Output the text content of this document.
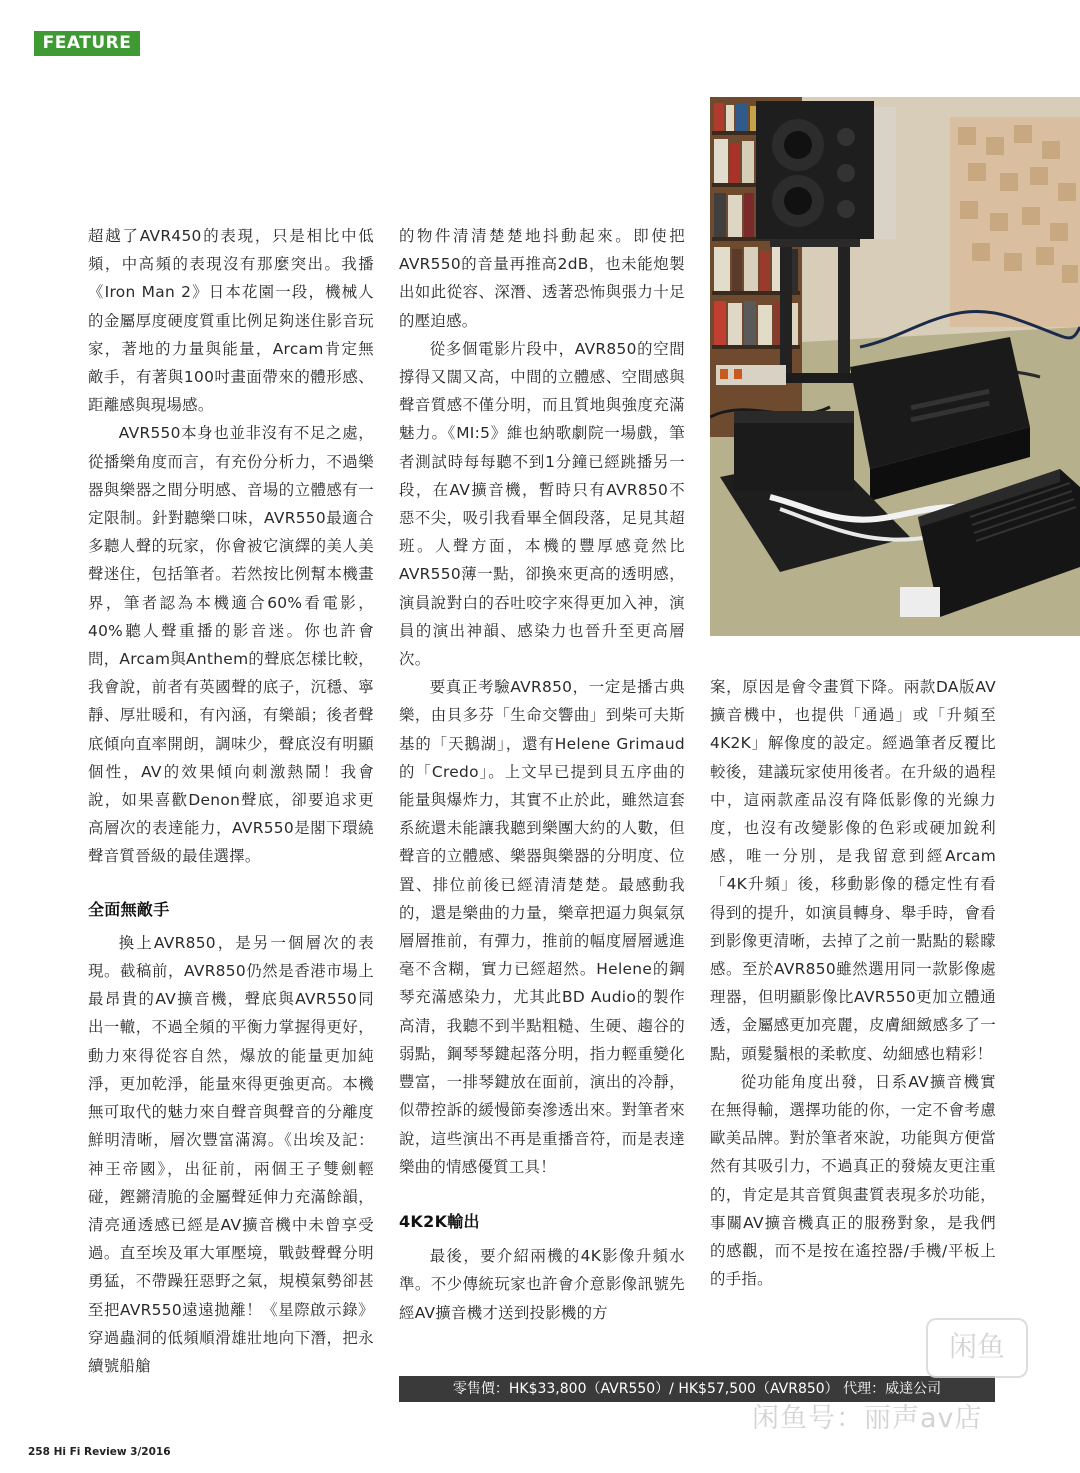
FEATURE

超越了AVR450的表現，只是相比中低頻，中高頻的表現沒有那麼突出。我播《Iron Man 2》日本花園一段，機械人的金屬厚度硬度質重比例足夠迷住影音玩家，著地的力量與能量，Arcam肯定無敵手，有著與100吋畫面帶來的體形感、距離感與現場感。

AVR550本身也並非沒有不足之處，從播樂角度而言，有充份分析力，不過樂器與樂器之間分明感、音場的立體感有一定限制。針對聽樂口味，AVR550最適合多聽人聲的玩家，你會被它演繹的美人美聲迷住，包括筆者。若然按比例幫本機畫界，筆者認為本機適合60%看電影，40%聽人聲重播的影音迷。你也許會問，Arcam與Anthem的聲底怎樣比較，我會說，前者有英國聲的底子，沉穩、寧靜、厚壯暖和，有內涵，有樂韻；後者聲底傾向直率開朗，調味少，聲底沒有明顯個性，AV的效果傾向刺激熱鬧！我會說，如果喜歡Denon聲底，卻要追求更高層次的表達能力，AVR550是閣下環繞聲音質晉級的最佳選擇。

全面無敵手

換上AVR850，是另一個層次的表現。截稿前，AVR850仍然是香港市場上最昂貴的AV擴音機，聲底與AVR550同出一轍，不過全頻的平衡力掌握得更好，動力來得從容自然，爆放的能量更加純淨，更加乾淨，能量來得更強更高。本機無可取代的魅力來自聲音與聲音的分離度鮮明清晰，層次豐富滿瀉。《出埃及記：神王帝國》，出征前，兩個王子雙劍輕碰，鏗鏘清脆的金屬聲延伸力充滿餘韻，清亮通透感已經是AV擴音機中未曾享受過。直至埃及軍大軍壓境，戰鼓聲聲分明勇猛，不帶躁狂惡野之氣，規模氣勢卻甚至把AVR550遠遠拋離！《星際啟示錄》穿過蟲洞的低頻順滑雄壯地向下潛，把永續號船艙

的物件清清楚楚地抖動起來。即使把AVR550的音量再推高2dB，也未能炮製出如此從容、深潛、透著恐怖與張力十足的壓迫感。

從多個電影片段中，AVR850的空間撐得又闊又高，中間的立體感、空間感與聲音質感不僅分明，而且質地與強度充滿魅力。《MI:5》維也納歌劇院一場戲，筆者測試時每每聽不到1分鐘已經跳播另一段，在AV擴音機，暫時只有AVR850不惡不尖，吸引我看畢全個段落，足見其超班。人聲方面，本機的豐厚感竟然比AVR550薄一點，卻換來更高的透明感，演員說對白的吞吐咬字來得更加入神，演員的演出神韻、感染力也晉升至更高層次。

要真正考驗AVR850，一定是播古典樂，由貝多芬「生命交響曲」到柴可夫斯基的「天鵝湖」，還有Helene Grimaud的「Credo」。上文早已提到貝五序曲的能量與爆炸力，其實不止於此，雖然這套系統還未能讓我聽到樂團大約的人數，但聲音的立體感、樂器與樂器的分明度、位置、排位前後已經清清楚楚。最感動我的，還是樂曲的力量，樂章把逼力與氣氛層層推前，有彈力，推前的幅度層層遞進毫不含糊，實力已經超然。Helene的鋼琴充滿感染力，尤其此BD Audio的製作高清，我聽不到半點粗糙、生硬、趨谷的弱點，鋼琴琴鍵起落分明，指力輕重變化豐富，一排琴鍵放在面前，演出的冷靜，似帶控訴的緩慢節奏滲透出來。對筆者來說，這些演出不再是重播音符，而是表達樂曲的情感優質工具！

4K2K輸出

最後，要介紹兩機的4K影像升頻水準。不少傳統玩家也許會介意影像訊號先經AV擴音機才送到投影機的方

案，原因是會令畫質下降。兩款DA版AV擴音機中，也提供「通過」或「升頻至4K2K」解像度的設定。經過筆者反覆比較後，建議玩家使用後者。在升級的過程中，這兩款產品沒有降低影像的光線力度，也沒有改變影像的色彩或硬加銳利感，唯一分別，是我留意到經Arcam「4K升頻」後，移動影像的穩定性有看得到的提升，如演員轉身、舉手時，會看到影像更清晰，去掉了之前一點點的鬆矇感。至於AVR850雖然選用同一款影像處理器，但明顯影像比AVR550更加立體通透，金屬感更加亮麗，皮膚細緻感多了一點，頭髮鬚根的柔軟度、幼細感也精彩！

從功能角度出發，日系AV擴音機實在無得輸，選擇功能的你，一定不會考慮歐美品牌。對於筆者來說，功能與方便當然有其吸引力，不過真正的發燒友更注重的，肯定是其音質與畫質表現多於功能，事關AV擴音機真正的服務對象，是我們的感觀，而不是按在遙控器/手機/平板上的手指。

零售價：HK$33,800（AVR550）/ HK$57,500（AVR850） 代理：威達公司
258 Hi Fi Review 3/2016
闲鱼
闲鱼号：丽声av店
